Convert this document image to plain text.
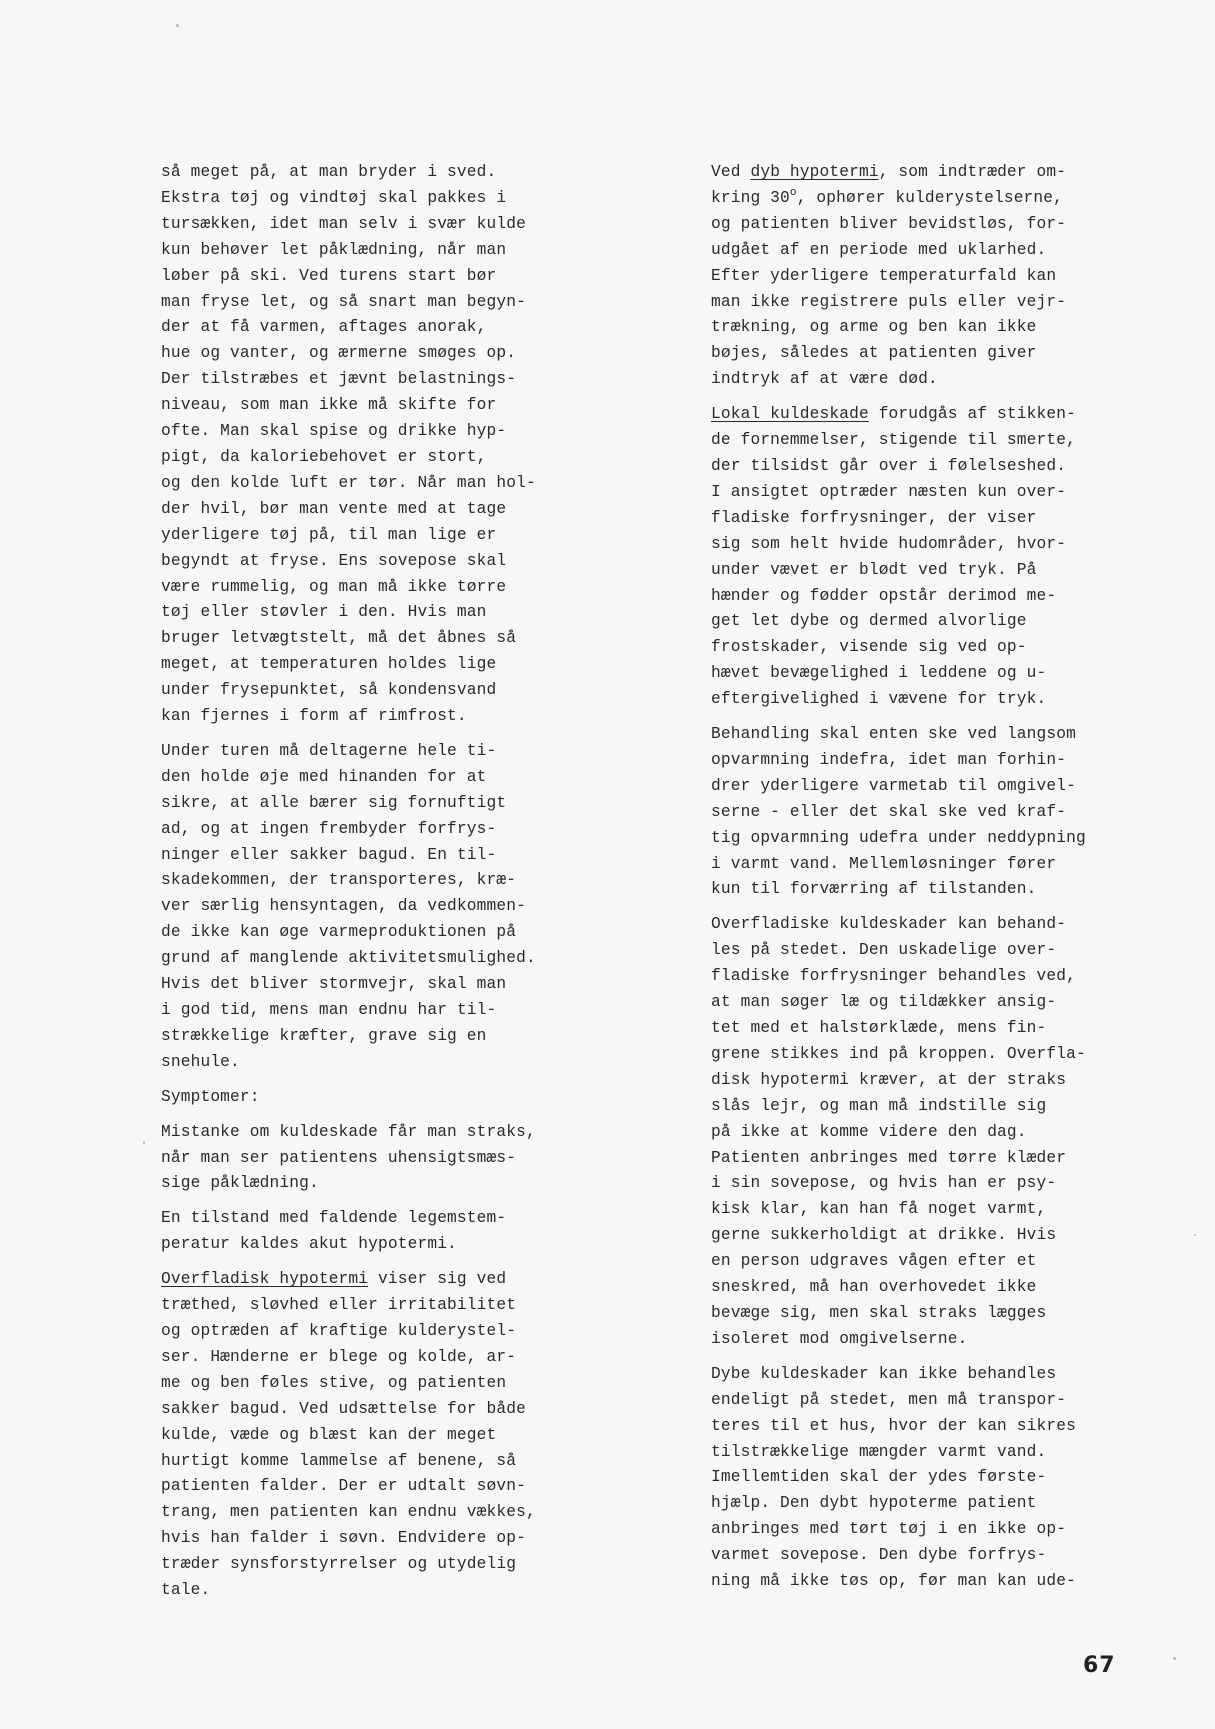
så meget på, at man bryder i sved.
Ekstra tøj og vindtøj skal pakkes i
tursækken, idet man selv i svær kulde
kun behøver let påklædning, når man
løber på ski. Ved turens start bør
man fryse let, og så snart man begyn-
der at få varmen, aftages anorak,
hue og vanter, og ærmerne smøges op.
Der tilstræbes et jævnt belastnings-
niveau, som man ikke må skifte for
ofte. Man skal spise og drikke hyp-
pigt, da kaloriebehovet er stort,
og den kolde luft er tør. Når man hol-
der hvil, bør man vente med at tage
yderligere tøj på, til man lige er
begyndt at fryse. Ens sovepose skal
være rummelig, og man må ikke tørre
tøj eller støvler i den. Hvis man
bruger letvægtstelt, må det åbnes så
meget, at temperaturen holdes lige
under frysepunktet, så kondensvand
kan fjernes i form af rimfrost.
Under turen må deltagerne hele ti-
den holde øje med hinanden for at
sikre, at alle bærer sig fornuftigt
ad, og at ingen frembyder forfrys-
ninger eller sakker bagud. En til-
skadekommen, der transporteres, kræ-
ver særlig hensyntagen, da vedkommen-
de ikke kan øge varmeproduktionen på
grund af manglende aktivitetsmulighed.
Hvis det bliver stormvejr, skal man
i god tid, mens man endnu har til-
strækkelige kræfter, grave sig en
snehule.
Symptomer:
Mistanke om kuldeskade får man straks,
når man ser patientens uhensigtsmæs-
sige påklædning.
En tilstand med faldende legemstem-
peratur kaldes akut hypotermi.
Overfladisk hypotermi viser sig ved
træthed, sløvhed eller irritabilitet
og optræden af kraftige kulderystel-
ser. Hænderne er blege og kolde, ar-
me og ben føles stive, og patienten
sakker bagud. Ved udsættelse for både
kulde, væde og blæst kan der meget
hurtigt komme lammelse af benene, så
patienten falder. Der er udtalt søvn-
trang, men patienten kan endnu vækkes,
hvis han falder i søvn. Endvidere op-
træder synsforstyrrelser og utydelig
tale.
Ved dyb hypotermi, som indtræder om-
kring 30$^o$, ophører kulderystelserne,
og patienten bliver bevidstløs, for-
udgået af en periode med uklarhed.
Efter yderligere temperaturfald kan
man ikke registrere puls eller vejr-
trækning, og arme og ben kan ikke
bøjes, således at patienten giver
indtryk af at være død.
Lokal kuldeskade forudgås af stikken-
de fornemmelser, stigende til smerte,
der tilsidst går over i følelseshed.
I ansigtet optræder næsten kun over-
fladiske forfrysninger, der viser
sig som helt hvide hudområder, hvor-
under vævet er blødt ved tryk. På
hænder og fødder opstår derimod me-
get let dybe og dermed alvorlige
frostskader, visende sig ved op-
hævet bevægelighed i leddene og u-
eftergivelighed i vævene for tryk.
Behandling skal enten ske ved langsom
opvarmning indefra, idet man forhin-
drer yderligere varmetab til omgivel-
serne - eller det skal ske ved kraf-
tig opvarmning udefra under neddypning
i varmt vand. Mellemløsninger fører
kun til forværring af tilstanden.
Overfladiske kuldeskader kan behand-
les på stedet. Den uskadelige over-
fladiske forfrysninger behandles ved,
at man søger læ og tildækker ansig-
tet med et halstørklæde, mens fin-
grene stikkes ind på kroppen. Overfla-
disk hypotermi kræver, at der straks
slås lejr, og man må indstille sig
på ikke at komme videre den dag.
Patienten anbringes med tørre klæder
i sin sovepose, og hvis han er psy-
kisk klar, kan han få noget varmt,
gerne sukkerholdigt at drikke. Hvis
en person udgraves vågen efter et
sneskred, må han overhovedet ikke
bevæge sig, men skal straks lægges
isoleret mod omgivelserne.
Dybe kuldeskader kan ikke behandles
endeligt på stedet, men må transpor-
teres til et hus, hvor der kan sikres
tilstrækkelige mængder varmt vand.
Imellemtiden skal der ydes første-
hjælp. Den dybt hypoterme patient
anbringes med tørt tøj i en ikke op-
varmet sovepose. Den dybe forfrys-
ning må ikke tøs op, før man kan ude-
67
